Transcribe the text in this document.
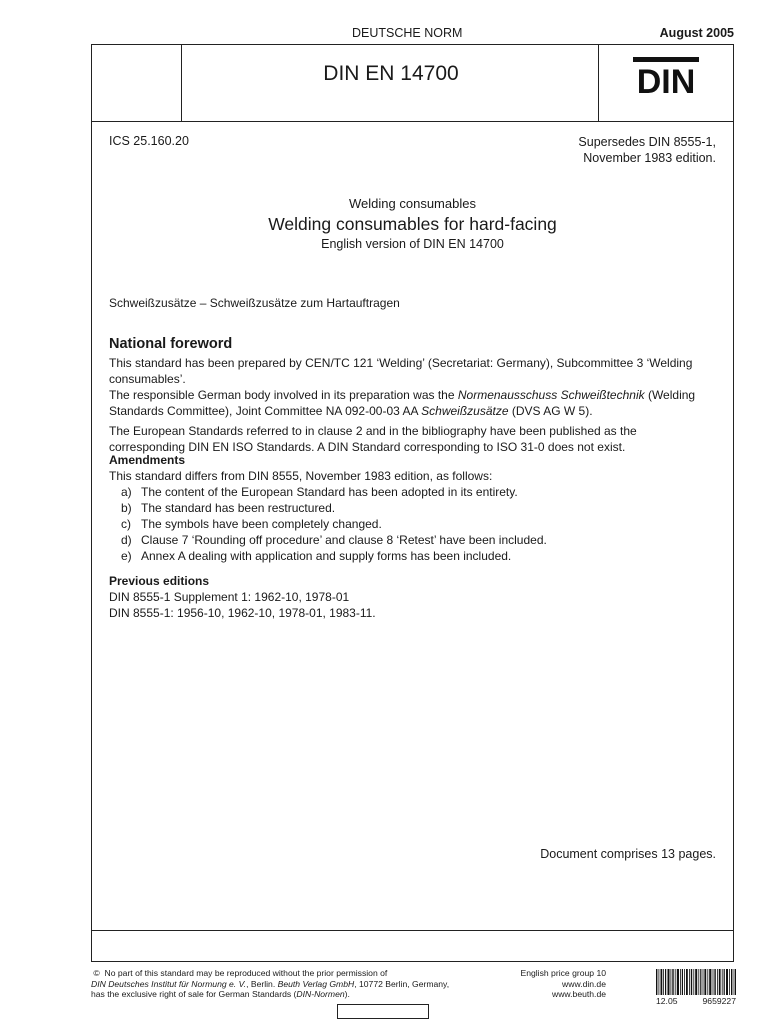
DEUTSCHE NORM	August 2005
DIN EN 14700	DIN
ICS 25.160.20	Supersedes DIN 8555-1,
November 1983 edition.
Welding consumables
Welding consumables for hard-facing
English version of DIN EN 14700
Schweißzusätze – Schweißzusätze zum Hartauftragen
National foreword

This standard has been prepared by CEN/TC 121 ‘Welding’ (Secretariat: Germany), Subcommittee 3 ‘Welding consumables’.

The responsible German body involved in its preparation was the Normenausschuss Schweißtechnik (Welding Standards Committee), Joint Committee NA 092-00-03 AA Schweißzusätze (DVS AG W 5).

The European Standards referred to in clause 2 and in the bibliography have been published as the corresponding DIN EN ISO Standards. A DIN Standard corresponding to ISO 31-0 does not exist.

Amendments

This standard differs from DIN 8555, November 1983 edition, as follows:

a) The content of the European Standard has been adopted in its entirety.
b) The standard has been restructured.
c) The symbols have been completely changed.
d) Clause 7 ‘Rounding off procedure’ and clause 8 ‘Retest’ have been included.
e) Annex A dealing with application and supply forms has been included.
Previous editions

DIN 8555-1 Supplement 1: 1962-10, 1978-01

DIN 8555-1: 1956-10, 1962-10, 1978-01, 1983-11.

Document comprises 13 pages.
© No part of this standard may be reproduced without the prior permission of
DIN Deutsches Institut für Normung e. V., Berlin. Beuth Verlag GmbH, 10772 Berlin, Germany,
has the exclusive right of sale for German Standards (DIN-Normen).
English price group 10
www.din.de
www.beuth.de
12.05	9659227
